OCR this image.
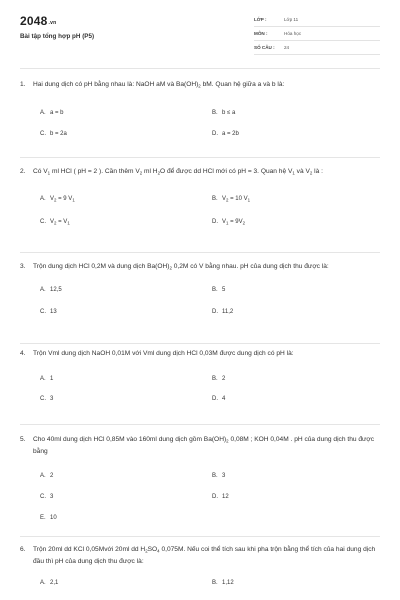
2048.vn
Bài tập tổng hợp pH (P5)
LỚP :	Lớp 11
MÔN :	Hóa học
SỐ CÂU : 24
1. Hai dung dịch có pH bằng nhau là: NaOH aM và $Ba(OH)_2$ bM. Quan hệ giữa a và b là:
A. a = b	B. b ≤ a
C. b = 2a	D. a = 2b
2. Có $V_1$ ml HCl ( pH = 2 ). Cần thêm $V_2$ ml $H_2O$ để được dd HCl mới có pH = 3. Quan hệ $V_1$ và $V_2$ là :
A. $V_2 = 9$ $V_1$	B. $V_2 = 10$ $V_1$
C. $V_2 = V_1$	D. $V_1 = 9V_2$
3. Trộn dung dịch HCl 0,2M và dung dịch $Ba(OH)_2$ 0,2M có V bằng nhau. pH của dung dịch thu được là:
A. 12,5	B. 5
C. 13	D. 11,2
4. Trộn Vml dung dịch NaOH 0,01M với Vml dung dịch HCl 0,03M được dung dịch có pH là:
A. 1	B. 2
C. 3	D. 4
5. Cho 40ml dung dịch HCl 0,85M vào 160ml dung dịch gồm $Ba(OH)_2$ 0,08M ; KOH 0,04M . pH của dung dịch thu được bằng
A. 2	B. 3
C. 3	D. 12
E. 10
6. Trộn 20ml dd KCl 0,05Mvới 20ml dd $H_2SO_4$ 0,075M. Nếu coi thể tích sau khi pha trộn bằng thể tích của hai dung dịch đầu thì pH của dung dịch thu được là:
A. 2,1	B. 1,12
